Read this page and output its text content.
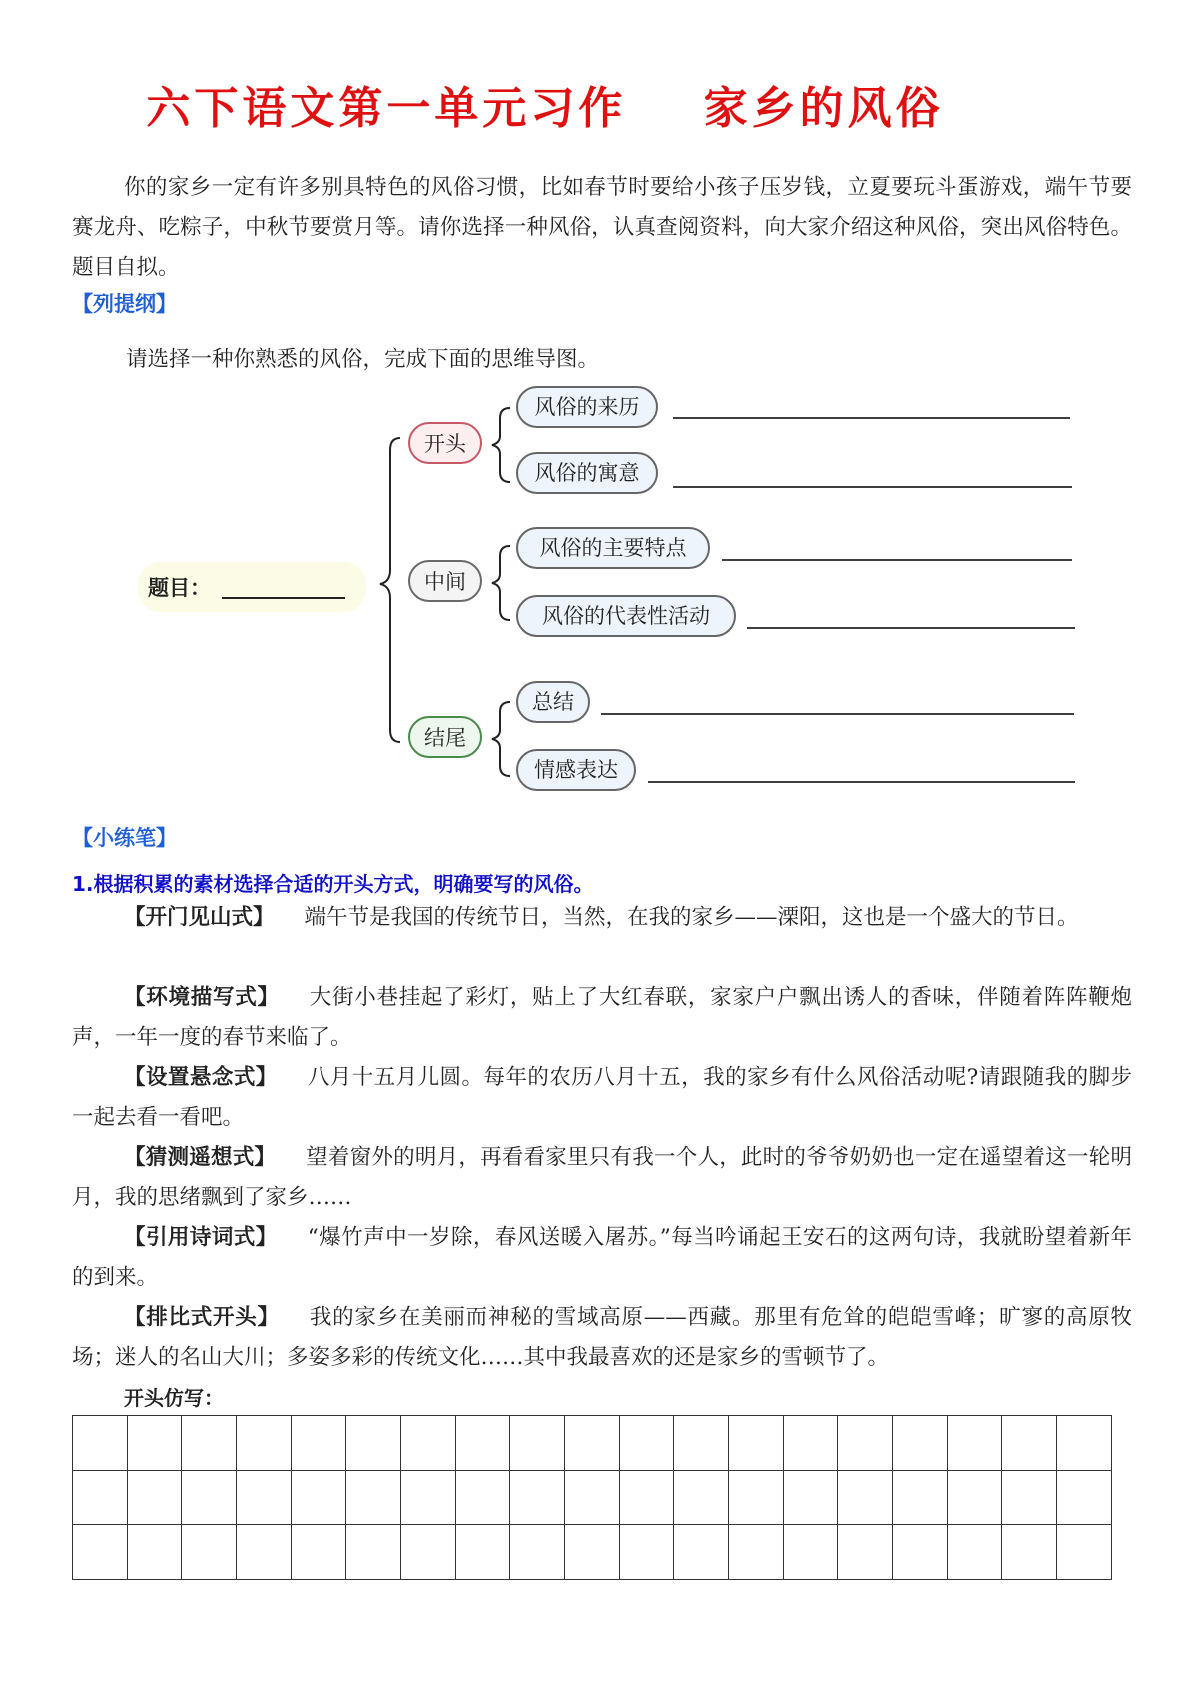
六下语文第一单元习作    家乡的风俗
你的家乡一定有许多别具特色的风俗习惯，比如春节时要给小孩子压岁钱，立夏要玩斗蛋游戏，端午节要赛龙舟、吃粽子，中秋节要赏月等。请你选择一种风俗，认真查阅资料，向大家介绍这种风俗，突出风俗特色。题目自拟。
【列提纲】
请选择一种你熟悉的风俗，完成下面的思维导图。
题目：
开头
风俗的来历
风俗的寓意
中间
风俗的主要特点
风俗的代表性活动
结尾
总结
情感表达
【小练笔】
1.根据积累的素材选择合适的开头方式，明确要写的风俗。
【开门见山式】 端午节是我国的传统节日，当然，在我的家乡——溧阳，这也是一个盛大的节日。
【环境描写式】 大街小巷挂起了彩灯，贴上了大红春联，家家户户飘出诱人的香味，伴随着阵阵鞭炮声，一年一度的春节来临了。
【设置悬念式】 八月十五月儿圆。每年的农历八月十五，我的家乡有什么风俗活动呢?请跟随我的脚步一起去看一看吧。
【猜测遥想式】 望着窗外的明月，再看看家里只有我一个人，此时的爷爷奶奶也一定在遥望着这一轮明月，我的思绪飘到了家乡……
【引用诗词式】 “爆竹声中一岁除，春风送暖入屠苏。”每当吟诵起王安石的这两句诗，我就盼望着新年的到来。
【排比式开头】 我的家乡在美丽而神秘的雪域高原——西藏。那里有危耸的皑皑雪峰；旷寥的高原牧场；迷人的名山大川；多姿多彩的传统文化……其中我最喜欢的还是家乡的雪顿节了。
开头仿写：
